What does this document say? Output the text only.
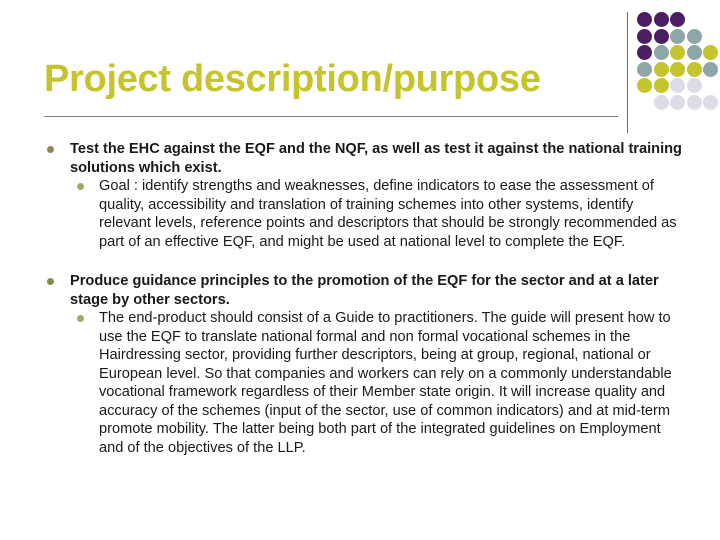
Project description/purpose
Test the EHC against the EQF and the NQF, as well as test it against the national training solutions which exist.
Goal : identify strengths and weaknesses, define indicators to ease the assessment of quality, accessibility and translation of training schemes into other systems, identify relevant levels, reference points and descriptors that should be strongly recommended as part of an effective EQF, and might be used at national level to complete the EQF.
Produce guidance principles to the promotion of the EQF for the sector and at a later stage by other sectors.
The end-product should consist of a Guide to practitioners. The guide will present how to use the EQF to translate national formal and non formal vocational schemes in the Hairdressing sector, providing further descriptors, being at group, regional, national or European level. So that companies and workers can rely on a commonly understandable vocational framework regardless of their Member state origin. It will increase quality and accuracy of the schemes (input of the sector, use of common indicators) and at mid-term promote mobility. The latter being both part of the integrated guidelines on Employment and of the objectives of the LLP.
